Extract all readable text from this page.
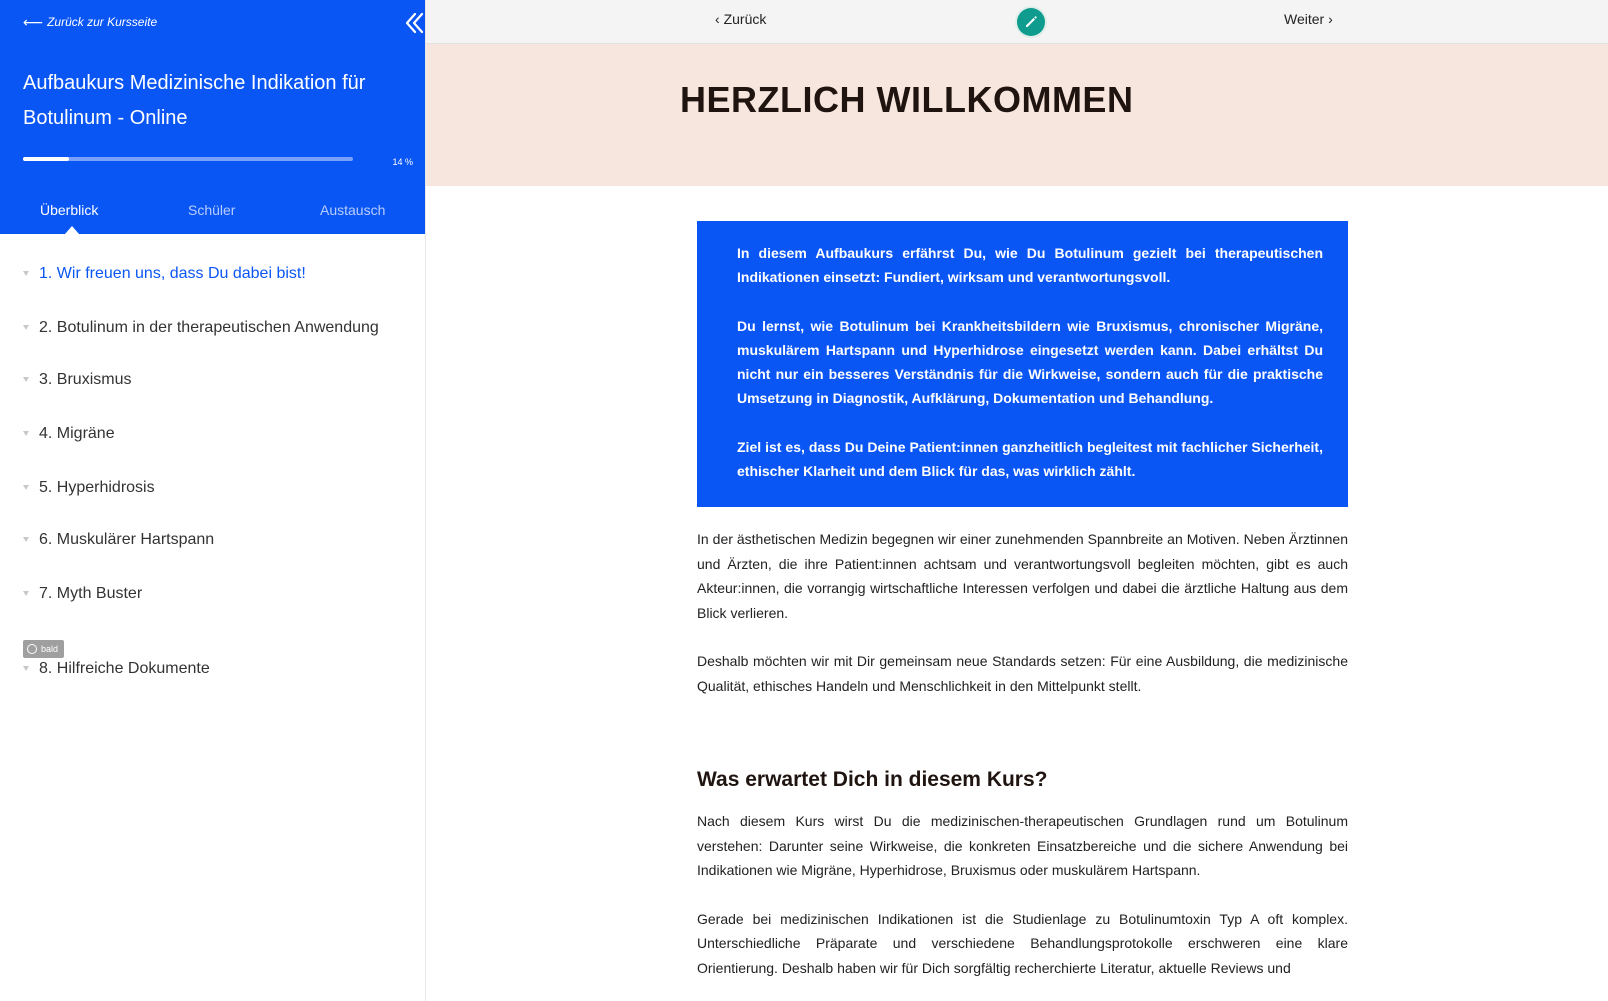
⟵ Zurück zur Kursseite
Aufbaukurs Medizinische Indikation für Botulinum - Online
14 %
Überblick	Schüler	Austausch
1. Wir freuen uns, dass Du dabei bist!
2. Botulinum in der therapeutischen Anwendung
3. Bruxismus
4. Migräne
5. Hyperhidrosis
6. Muskulärer Hartspann
7. Myth Buster
8. Hilfreiche Dokumente
bald
‹ Zurück	Weiter ›
HERZLICH WILLKOMMEN

In diesem Aufbaukurs erfährst Du, wie Du Botulinum gezielt bei therapeutischen Indikationen einsetzt: Fundiert, wirksam und verantwortungsvoll.

Du lernst, wie Botulinum bei Krankheitsbildern wie Bruxismus, chronischer Migräne, muskulärem Hartspann und Hyperhidrose eingesetzt werden kann. Dabei erhältst Du nicht nur ein besseres Verständnis für die Wirkweise, sondern auch für die praktische Umsetzung in Diagnostik, Aufklärung, Dokumentation und Behandlung.

Ziel ist es, dass Du Deine Patient:innen ganzheitlich begleitest mit fachlicher Sicherheit, ethischer Klarheit und dem Blick für das, was wirklich zählt.

In der ästhetischen Medizin begegnen wir einer zunehmenden Spannbreite an Motiven. Neben Ärztinnen und Ärzten, die ihre Patient:innen achtsam und verantwortungsvoll begleiten möchten, gibt es auch Akteur:innen, die vorrangig wirtschaftliche Interessen verfolgen und dabei die ärztliche Haltung aus dem Blick verlieren.

Deshalb möchten wir mit Dir gemeinsam neue Standards setzen: Für eine Ausbildung, die medizinische Qualität, ethisches Handeln und Menschlichkeit in den Mittelpunkt stellt.

Was erwartet Dich in diesem Kurs?

Nach diesem Kurs wirst Du die medizinischen-therapeutischen Grundlagen rund um Botulinum verstehen: Darunter seine Wirkweise, die konkreten Einsatzbereiche und die sichere Anwendung bei Indikationen wie Migräne, Hyperhidrose, Bruxismus oder muskulärem Hartspann.

Gerade bei medizinischen Indikationen ist die Studienlage zu Botulinumtoxin Typ A oft komplex. Unterschiedliche Präparate und verschiedene Behandlungsprotokolle erschweren eine klare Orientierung. Deshalb haben wir für Dich sorgfältig recherchierte Literatur, aktuelle Reviews und
